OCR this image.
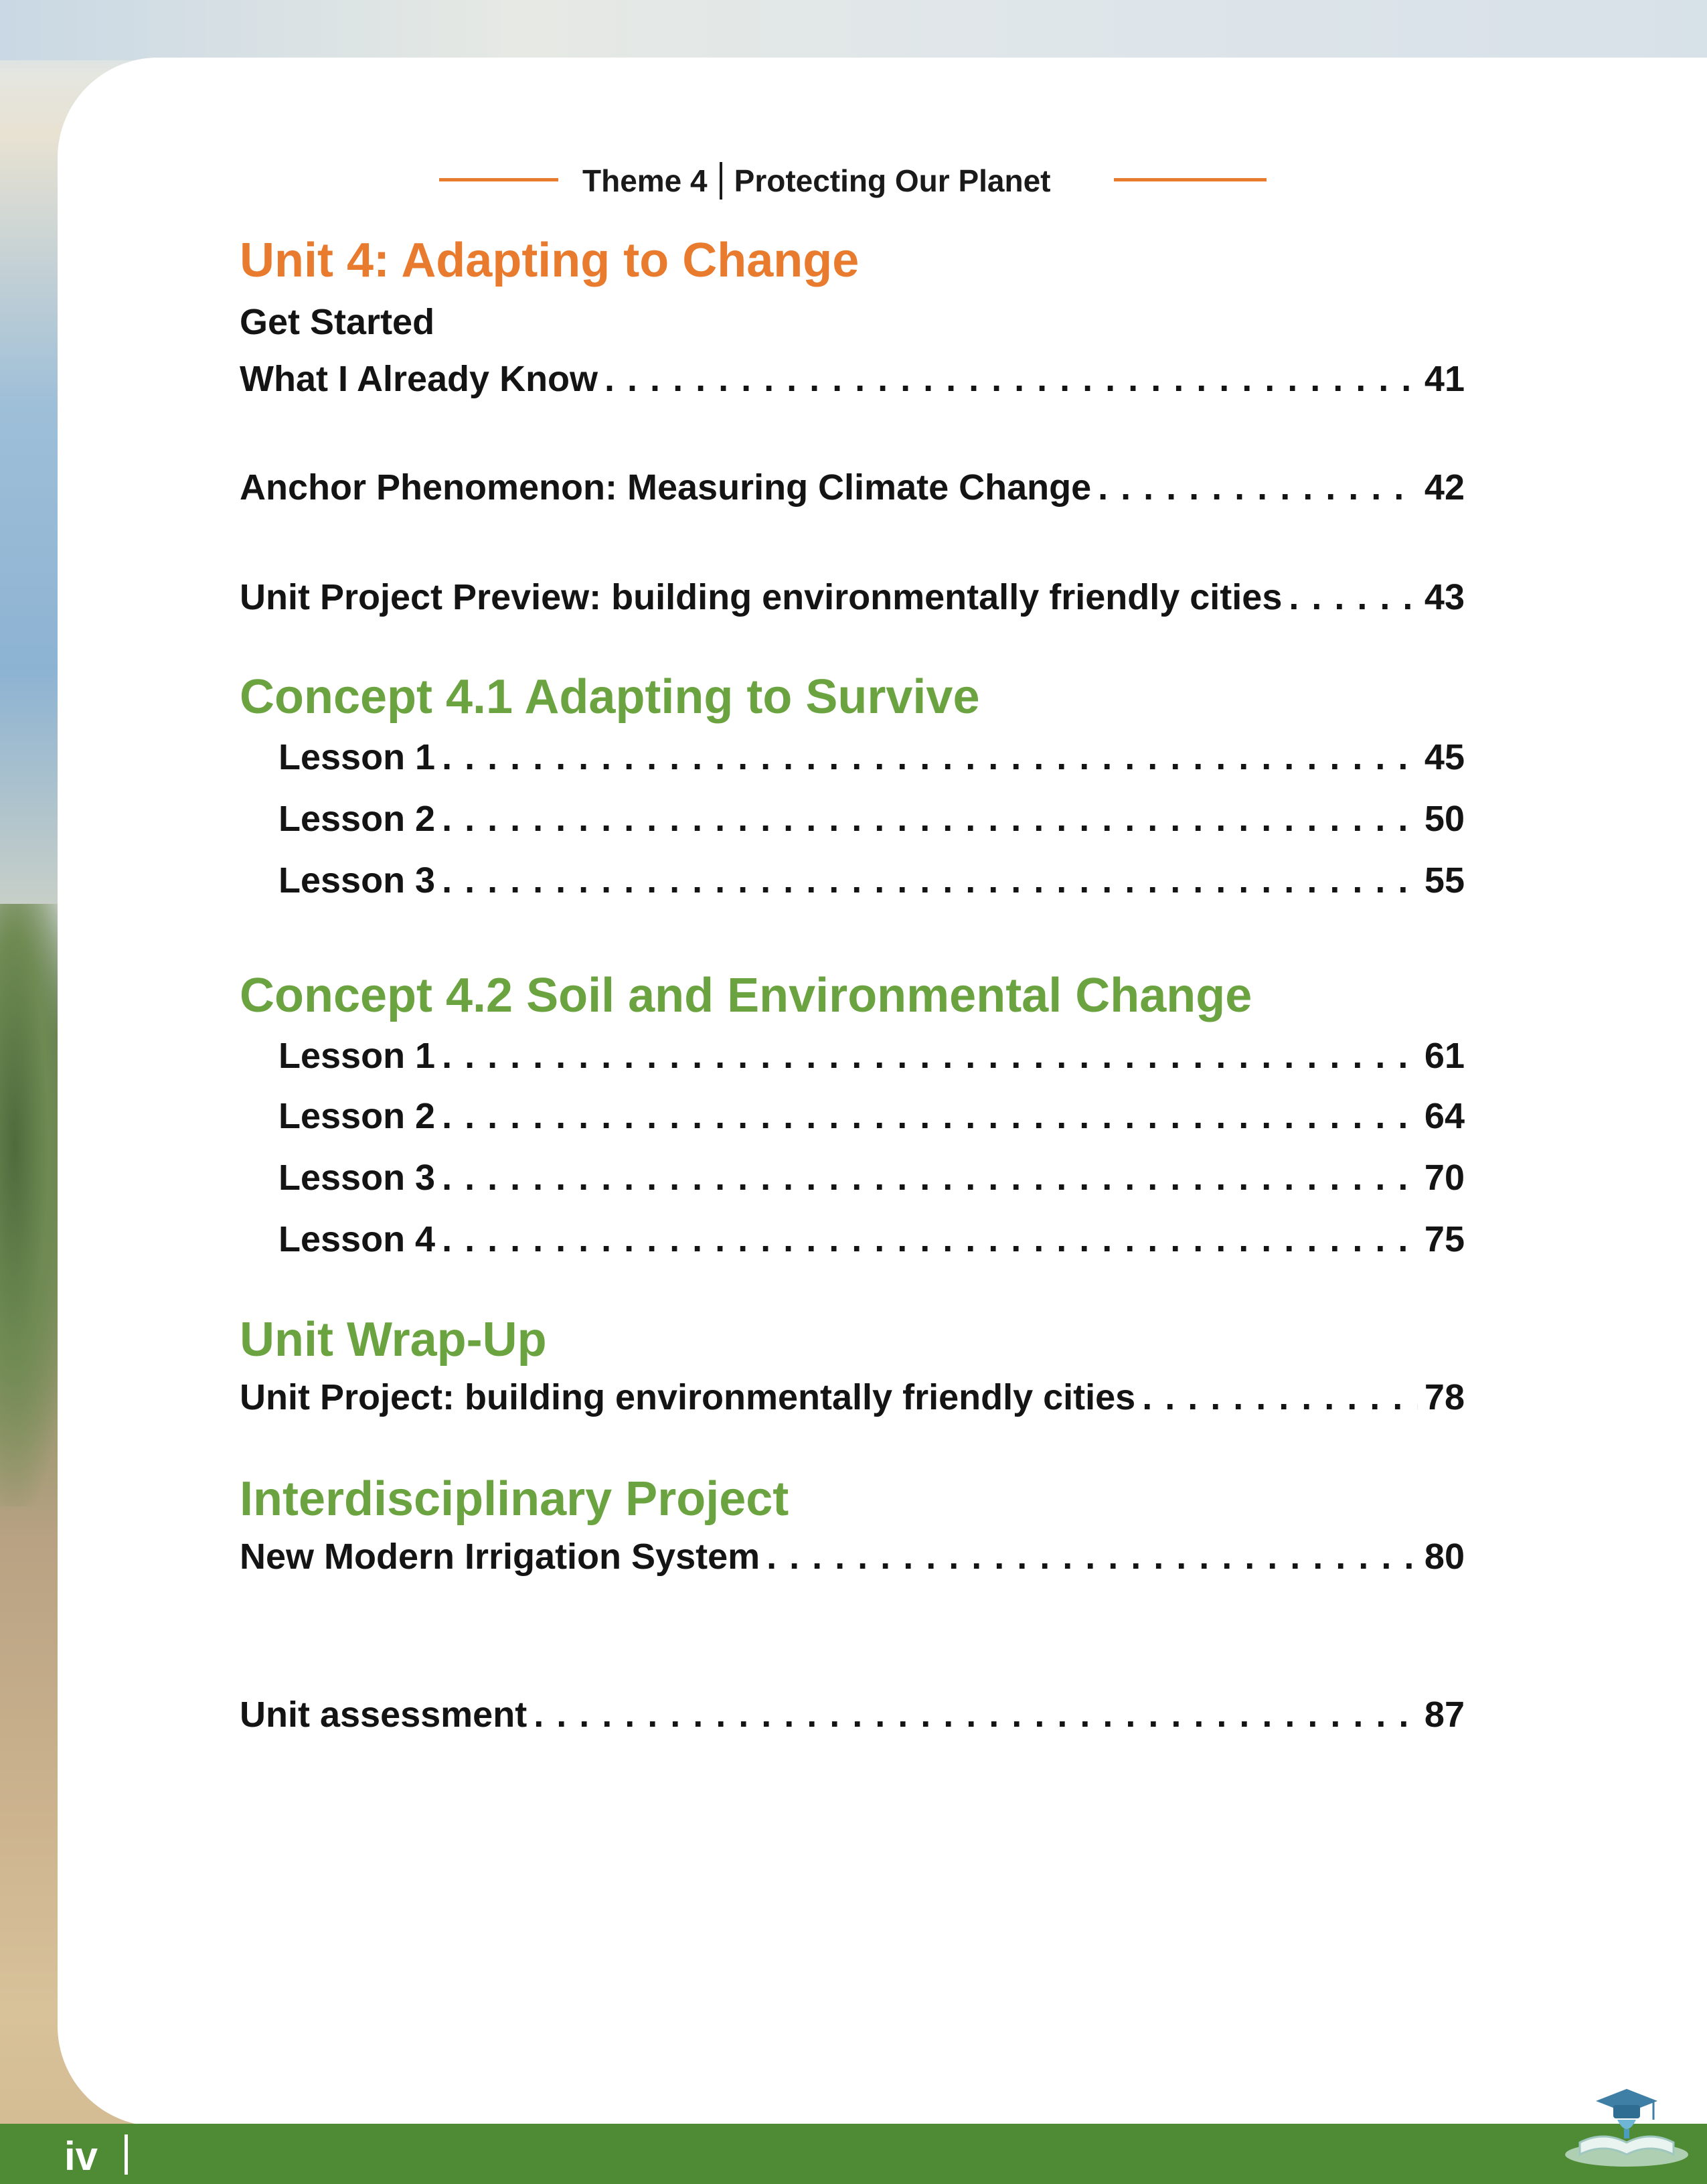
Theme 4 Protecting Our Planet
Unit 4: Adapting to Change
Get Started
What I Already Know . . .	41
Anchor Phenomenon: Measuring Climate Change . . .	42
Unit Project Preview: building environmentally friendly cities . . .	43
Concept 4.1 Adapting to Survive
Lesson 1 . . .	45
Lesson 2 . . .	50
Lesson 3 . . .	55
Concept 4.2 Soil and Environmental Change
Lesson 1 . . .	61
Lesson 2 . . .	64
Lesson 3 . . .	70
Lesson 4 . . .	75
Unit Wrap-Up
Unit Project: building environmentally friendly cities . . .	78
Interdisciplinary Project
New Modern Irrigation System . . .	80
Unit assessment . . .	87
iv
